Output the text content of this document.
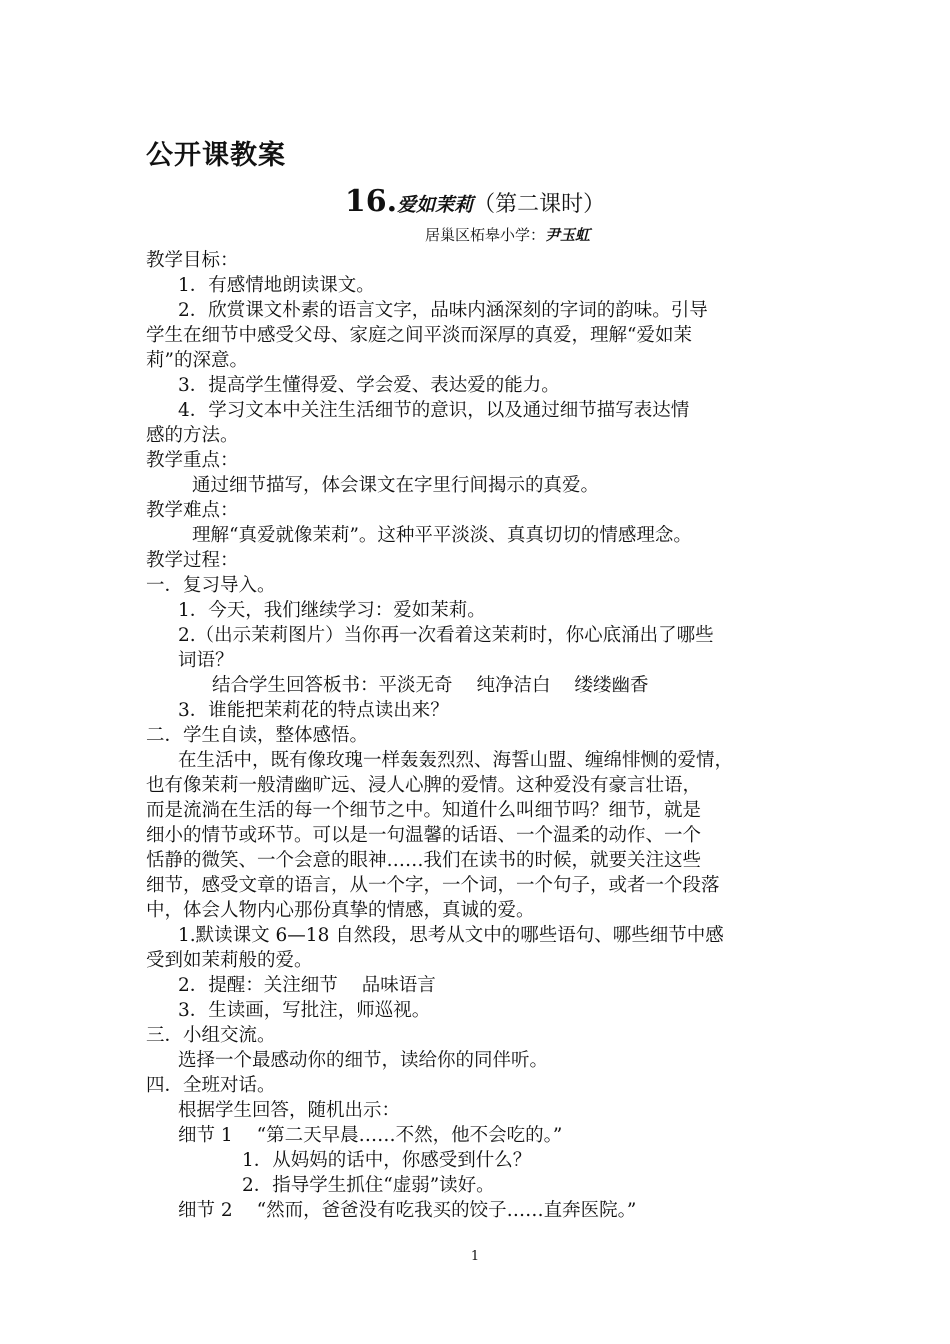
公开课教案
16.爱如茉莉（第二课时）
居巢区柘皋小学：尹玉虹
教学目标：
1．有感情地朗读课文。
2．欣赏课文朴素的语言文字，品味内涵深刻的字词的韵味。引导
学生在细节中感受父母、家庭之间平淡而深厚的真爱，理解“爱如茉
莉”的深意。
3．提高学生懂得爱、学会爱、表达爱的能力。
4．学习文本中关注生活细节的意识，以及通过细节描写表达情
感的方法。
教学重点：
通过细节描写，体会课文在字里行间揭示的真爱。
教学难点：
理解“真爱就像茉莉”。这种平平淡淡、真真切切的情感理念。
教学过程：
一．复习导入。
1．今天，我们继续学习：爱如茉莉。
2.（出示茉莉图片）当你再一次看着这茉莉时，你心底涌出了哪些
词语？
结合学生回答板书：平淡无奇 纯净洁白 缕缕幽香
3．谁能把茉莉花的特点读出来？
二．学生自读，整体感悟。
在生活中，既有像玫瑰一样轰轰烈烈、海誓山盟、缠绵悱恻的爱情，
也有像茉莉一般清幽旷远、浸人心脾的爱情。这种爱没有豪言壮语，
而是流淌在生活的每一个细节之中。知道什么叫细节吗？细节，就是
细小的情节或环节。可以是一句温馨的话语、一个温柔的动作、一个
恬静的微笑、一个会意的眼神……我们在读书的时候，就要关注这些
细节，感受文章的语言，从一个字，一个词，一个句子，或者一个段落
中，体会人物内心那份真挚的情感，真诚的爱。
1.默读课文 6—18 自然段，思考从文中的哪些语句、哪些细节中感
受到如茉莉般的爱。
2．提醒：关注细节 品味语言
3．生读画，写批注，师巡视。
三．小组交流。
选择一个最感动你的细节，读给你的同伴听。
四．全班对话。
根据学生回答，随机出示：
细节 1 “第二天早晨……不然，他不会吃的。”
1．从妈妈的话中，你感受到什么？
2．指导学生抓住“虚弱”读好。
细节 2 “然而，爸爸没有吃我买的饺子……直奔医院。”
1
